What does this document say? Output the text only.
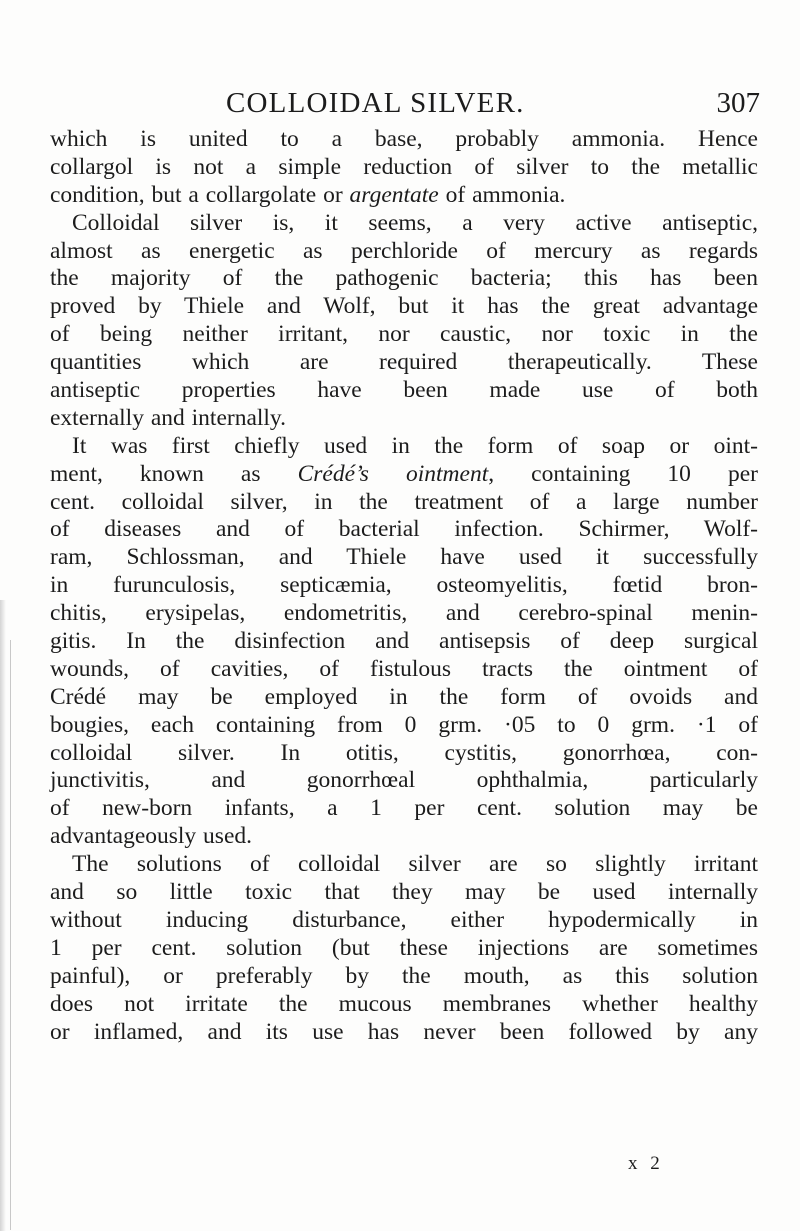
COLLOIDAL SILVER.	307
which is united to a base, probably ammonia. Hence
collargol is not a simple reduction of silver to the metallic
condition, but a collargolate or argentate of ammonia.
Colloidal silver is, it seems, a very active antiseptic,
almost as energetic as perchloride of mercury as regards
the majority of the pathogenic bacteria; this has been
proved by Thiele and Wolf, but it has the great advantage
of being neither irritant, nor caustic, nor toxic in the
quantities which are required therapeutically. These
antiseptic properties have been made use of both
externally and internally.
It was first chiefly used in the form of soap or oint-
ment, known as Crédé’s ointment, containing 10 per
cent. colloidal silver, in the treatment of a large number
of diseases and of bacterial infection. Schirmer, Wolf-
ram, Schlossman, and Thiele have used it successfully
in furunculosis, septicæmia, osteomyelitis, fœtid bron-
chitis, erysipelas, endometritis, and cerebro-spinal menin-
gitis. In the disinfection and antisepsis of deep surgical
wounds, of cavities, of fistulous tracts the ointment of
Crédé may be employed in the form of ovoids and
bougies, each containing from 0 grm. ·05 to 0 grm. ·1 of
colloidal silver. In otitis, cystitis, gonorrhœa, con-
junctivitis, and gonorrhœal ophthalmia, particularly
of new-born infants, a 1 per cent. solution may be
advantageously used.
The solutions of colloidal silver are so slightly irritant
and so little toxic that they may be used internally
without inducing disturbance, either hypodermically in
1 per cent. solution (but these injections are sometimes
painful), or preferably by the mouth, as this solution
does not irritate the mucous membranes whether healthy
or inflamed, and its use has never been followed by any
x 2
